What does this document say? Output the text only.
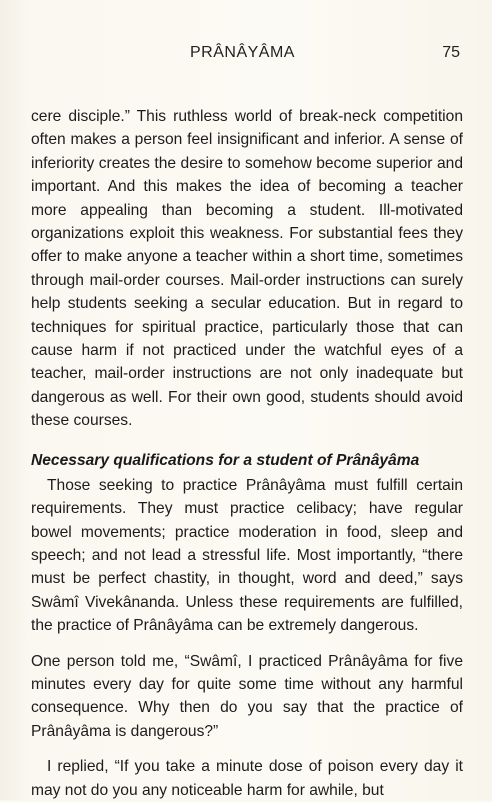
PRÂNÂYÂMA	75

cere disciple.” This ruthless world of break-neck competition often makes a person feel insignificant and inferior. A sense of inferiority creates the desire to somehow become superior and important. And this makes the idea of becoming a teacher more appealing than becoming a student. Ill-motivated organizations exploit this weakness. For substantial fees they offer to make anyone a teacher within a short time, sometimes through mail-order courses. Mail-order instructions can surely help students seeking a secular education. But in regard to techniques for spiritual practice, particularly those that can cause harm if not practiced under the watchful eyes of a teacher, mail-order instructions are not only inadequate but dangerous as well. For their own good, students should avoid these courses.

Necessary qualifications for a student of Prânâyâma

Those seeking to practice Prânâyâma must fulfill certain requirements. They must practice celibacy; have regular bowel movements; practice moderation in food, sleep and speech; and not lead a stressful life. Most importantly, “there must be perfect chastity, in thought, word and deed,” says Swâmî Vivekânanda. Unless these requirements are fulfilled, the practice of Prânâyâma can be extremely dangerous.

One person told me, “Swâmî, I practiced Prânâyâma for five minutes every day for quite some time without any harmful consequence. Why then do you say that the practice of Prânâyâma is dangerous?”

I replied, “If you take a minute dose of poison every day it may not do you any noticeable harm for awhile, but
